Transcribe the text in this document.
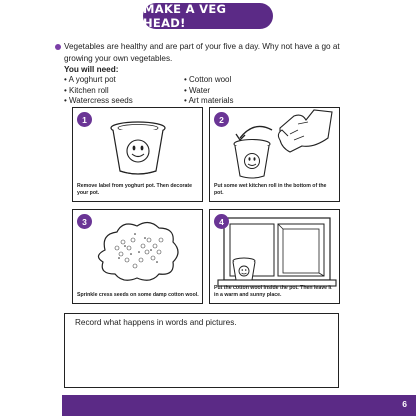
MAKE A VEG HEAD!
Vegetables are healthy and are part of your five a day. Why not have a go at growing your own vegetables.
You will need:
• A yoghurt pot
• Kitchen roll
• Watercress seeds
• Cotton wool
• Water
• Art materials
1
Remove label from yoghurt pot. Then decorate your pot.
2
Put some wet kitchen roll in the bottom of the pot.
3
Sprinkle cress seeds on some damp cotton wool.
4
Put the cotton wool inside the pot. Then leave it in a warm and sunny place.
Record what happens in words and pictures.
6
